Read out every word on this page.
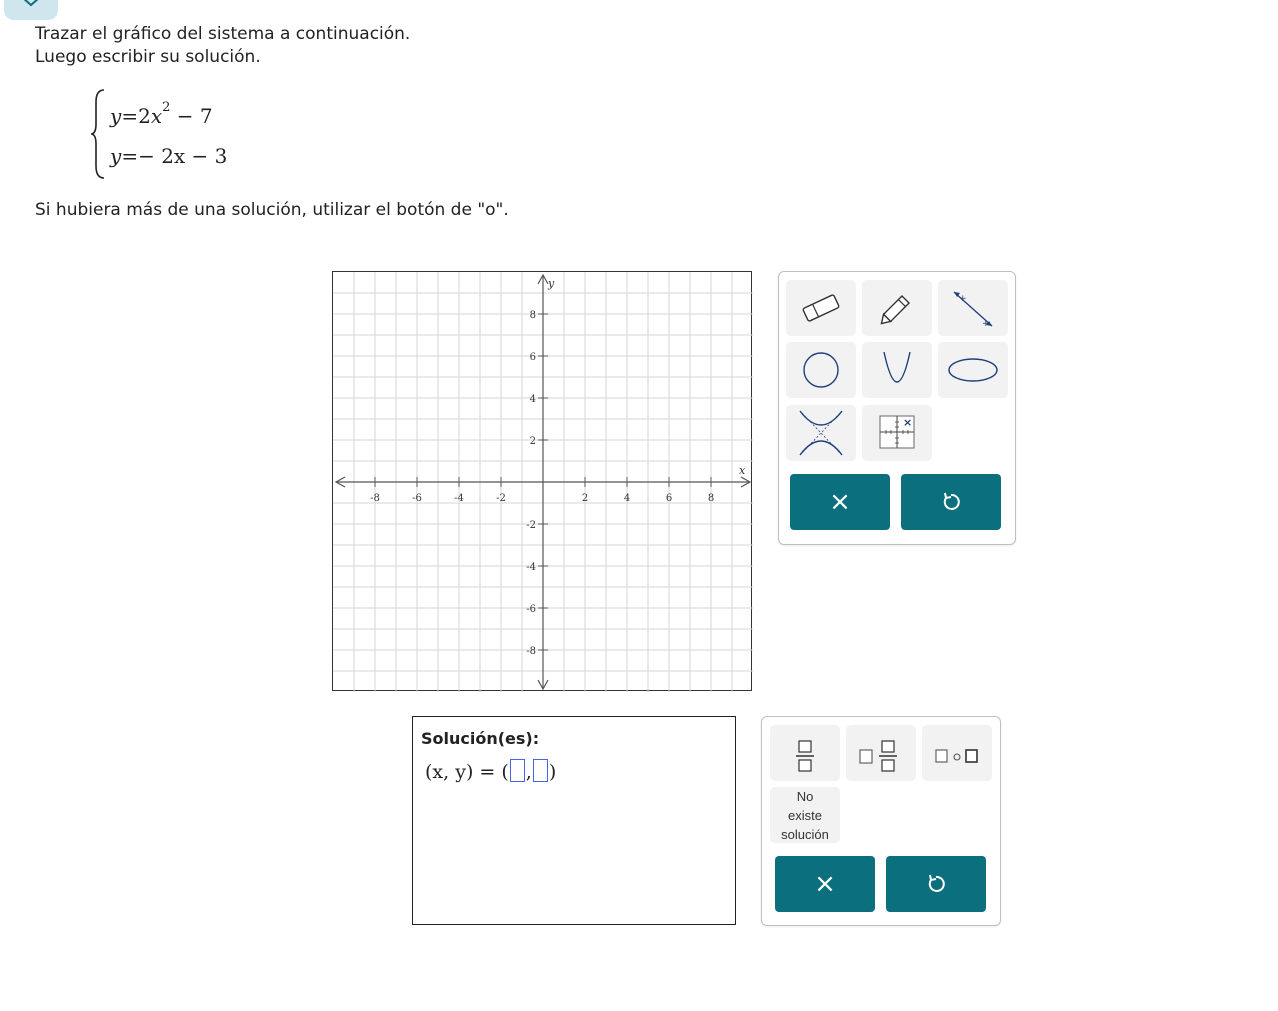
Trazar el gráfico del sistema a continuación.
Luego escribir su solución.
$y=2x^2 - 7$
y=− 2x − 3
Si hubiera más de una solución, utilizar el botón de "o".
x
y
-8	-6	-4	-2	2	4	6	8
8
6
4
2
-2
-4
-6
-8
+
+
×
×
Solución(es):
(x, y) = ( , )
No
existe
solución
×
